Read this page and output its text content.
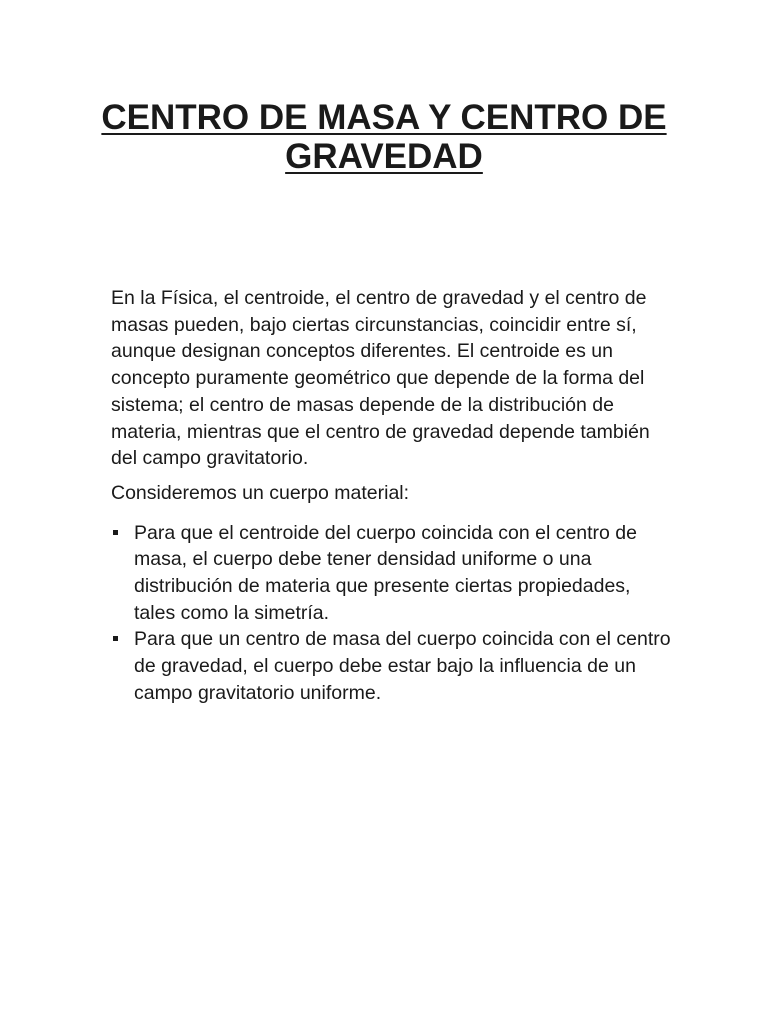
CENTRO DE MASA Y CENTRO DE GRAVEDAD

En la Física, el centroide, el centro de gravedad y el centro de masas pueden, bajo ciertas circunstancias, coincidir entre sí, aunque designan conceptos diferentes. El centroide es un concepto puramente geométrico que depende de la forma del sistema; el centro de masas depende de la distribución de materia, mientras que el centro de gravedad depende también del campo gravitatorio.

Consideremos un cuerpo material:

Para que el centroide del cuerpo coincida con el centro de masa, el cuerpo debe tener densidad uniforme o una distribución de materia que presente ciertas propiedades, tales como la simetría.
Para que un centro de masa del cuerpo coincida con el centro de gravedad, el cuerpo debe estar bajo la influencia de un campo gravitatorio uniforme.
